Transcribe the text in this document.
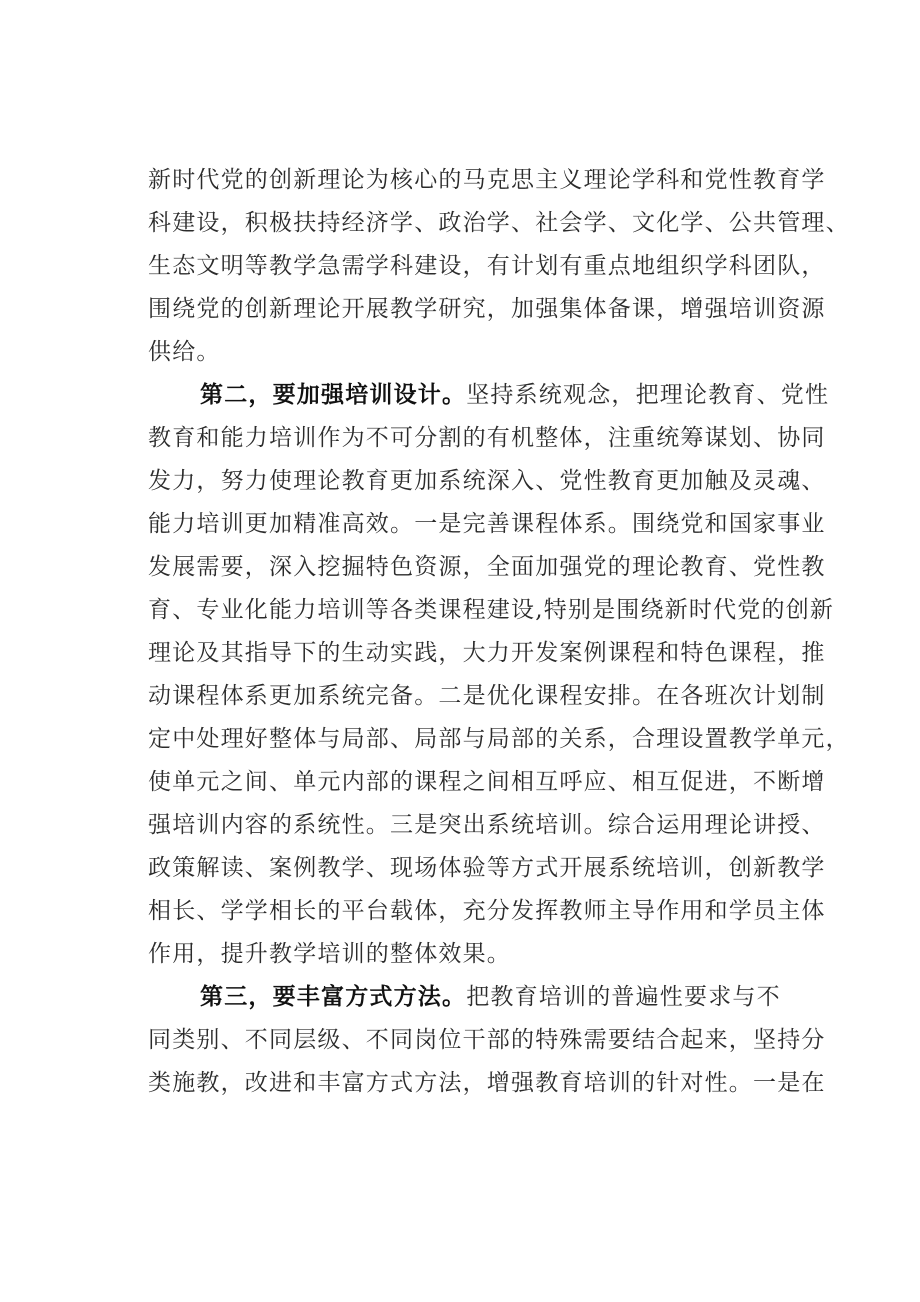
新时代党的创新理论为核心的马克思主义理论学科和党性教育学
科建设，积极扶持经济学、政治学、社会学、文化学、公共管理、
生态文明等教学急需学科建设，有计划有重点地组织学科团队，
围绕党的创新理论开展教学研究，加强集体备课，增强培训资源
供给。
第二，要加强培训设计。坚持系统观念，把理论教育、党性
教育和能力培训作为不可分割的有机整体，注重统筹谋划、协同
发力，努力使理论教育更加系统深入、党性教育更加触及灵魂、
能力培训更加精准高效。一是完善课程体系。围绕党和国家事业
发展需要，深入挖掘特色资源，全面加强党的理论教育、党性教
育、专业化能力培训等各类课程建设,特别是围绕新时代党的创新
理论及其指导下的生动实践，大力开发案例课程和特色课程，推
动课程体系更加系统完备。二是优化课程安排。在各班次计划制
定中处理好整体与局部、局部与局部的关系，合理设置教学单元，
使单元之间、单元内部的课程之间相互呼应、相互促进，不断增
强培训内容的系统性。三是突出系统培训。综合运用理论讲授、
政策解读、案例教学、现场体验等方式开展系统培训，创新教学
相长、学学相长的平台载体，充分发挥教师主导作用和学员主体
作用，提升教学培训的整体效果。
第三，要丰富方式方法。把教育培训的普遍性要求与不
同类别、不同层级、不同岗位干部的特殊需要结合起来，坚持分
类施教，改进和丰富方式方法，增强教育培训的针对性。一是在
